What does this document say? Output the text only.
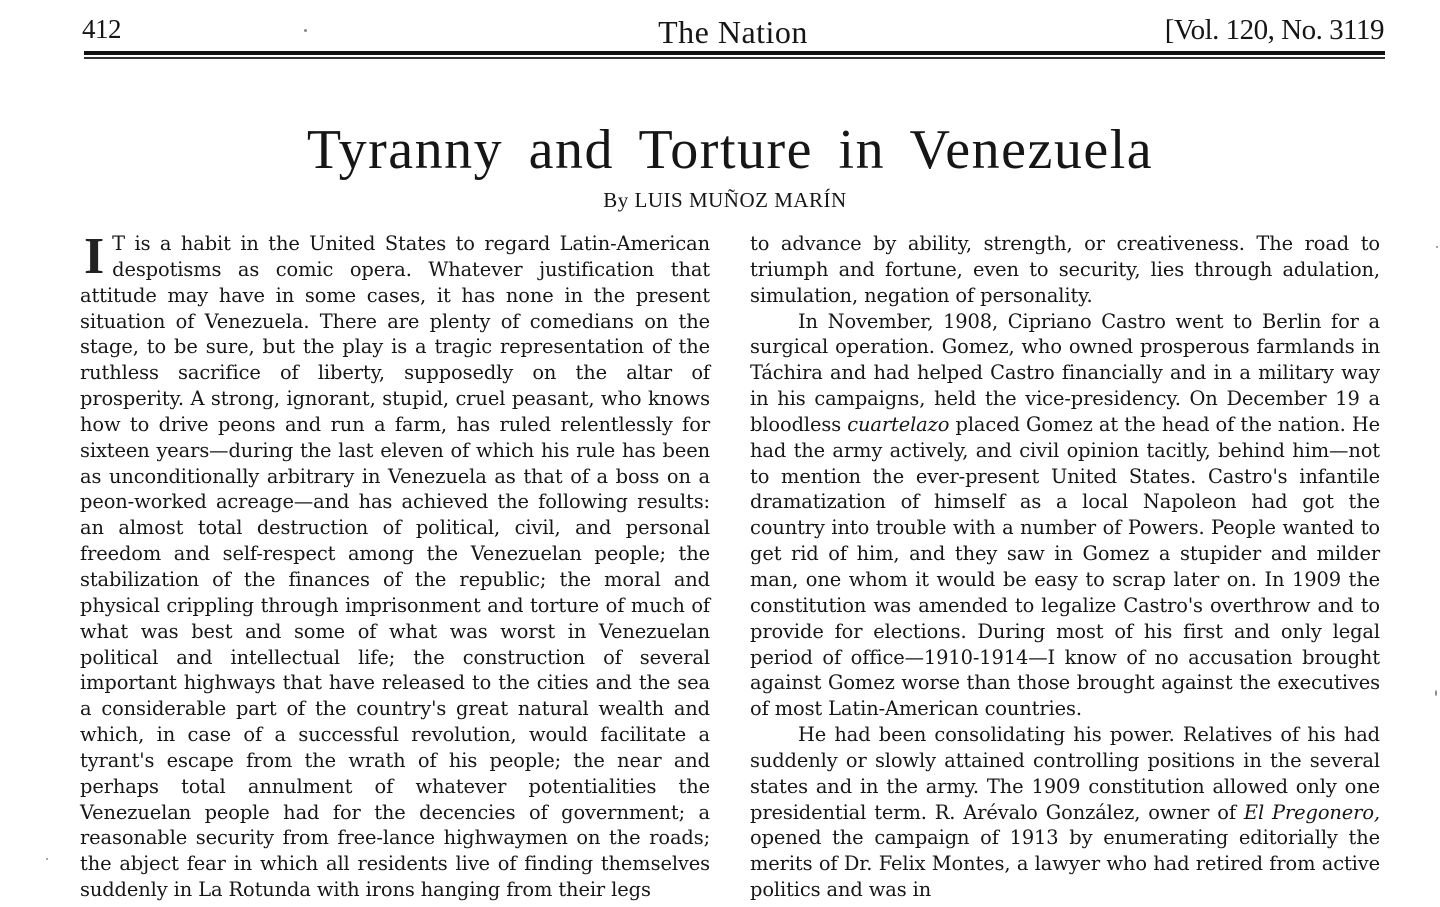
412	The Nation	[Vol. 120, No. 3119
Tyranny and Torture in Venezuela
By LUIS MUÑOZ MARÍN

I T is a habit in the United States to regard Latin-American despotisms as comic opera. Whatever justification that attitude may have in some cases, it has none in the present situation of Venezuela. There are plenty of comedians on the stage, to be sure, but the play is a tragic representation of the ruthless sacrifice of liberty, supposedly on the altar of prosperity. A strong, ignorant, stupid, cruel peasant, who knows how to drive peons and run a farm, has ruled relentlessly for sixteen years—during the last eleven of which his rule has been as unconditionally arbitrary in Venezuela as that of a boss on a peon-worked acreage—and has achieved the following results: an almost total destruction of political, civil, and personal freedom and self-respect among the Venezuelan people; the stabilization of the finances of the republic; the moral and physical crippling through imprisonment and torture of much of what was best and some of what was worst in Venezuelan political and intellectual life; the construction of several important highways that have released to the cities and the sea a considerable part of the country's great natural wealth and which, in case of a successful revolution, would facilitate a tyrant's escape from the wrath of his people; the near and perhaps total annulment of whatever potentialities the Venezuelan people had for the decencies of government; a reasonable security from free-lance highwaymen on the roads; the abject fear in which all residents live of finding themselves suddenly in La Rotunda with irons hanging from their legs

to advance by ability, strength, or creativeness. The road to triumph and fortune, even to security, lies through adulation, simulation, negation of personality.

In November, 1908, Cipriano Castro went to Berlin for a surgical operation. Gomez, who owned prosperous farmlands in Táchira and had helped Castro financially and in a military way in his campaigns, held the vice-presidency. On December 19 a bloodless cuartelazo placed Gomez at the head of the nation. He had the army actively, and civil opinion tacitly, behind him—not to mention the ever-present United States. Castro's infantile dramatization of himself as a local Napoleon had got the country into trouble with a number of Powers. People wanted to get rid of him, and they saw in Gomez a stupider and milder man, one whom it would be easy to scrap later on. In 1909 the constitution was amended to legalize Castro's overthrow and to provide for elections. During most of his first and only legal period of office—1910-1914—I know of no accusation brought against Gomez worse than those brought against the executives of most Latin-American countries.

He had been consolidating his power. Relatives of his had suddenly or slowly attained controlling positions in the several states and in the army. The 1909 constitution allowed only one presidential term. R. Arévalo González, owner of El Pregonero, opened the campaign of 1913 by enumerating editorially the merits of Dr. Felix Montes, a lawyer who had retired from active politics and was in
